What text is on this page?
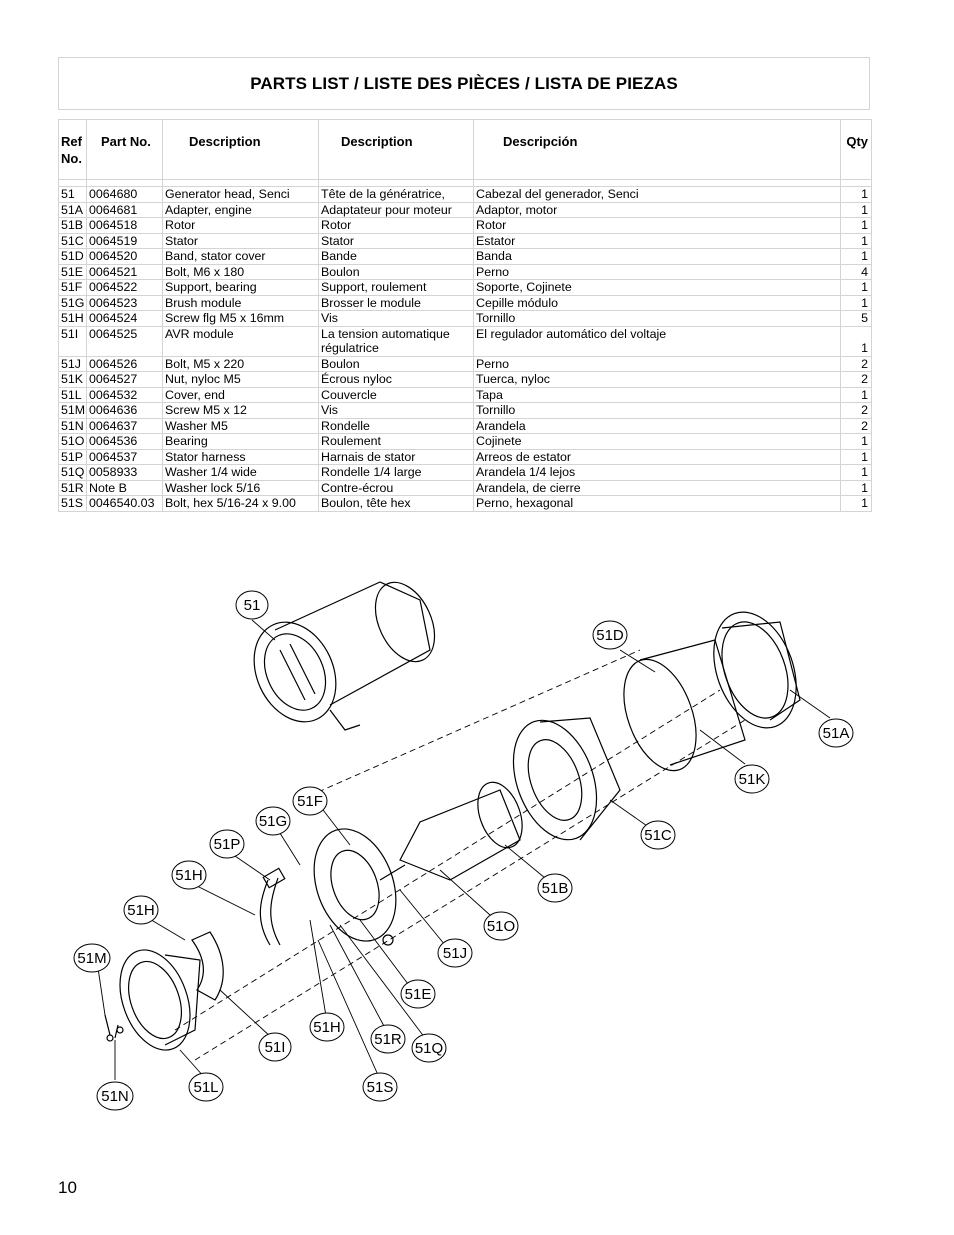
PARTS LIST / LISTE DES PIÈCES / LISTA DE PIEZAS
Ref No.	Part No.	Description	Description	Descripción	Qty

51	0064680	Generator head, Senci	Tête de la génératrice,	Cabezal del generador, Senci	1
51A	0064681	Adapter, engine	Adaptateur pour moteur	Adaptor, motor	1
51B	0064518	Rotor	Rotor	Rotor	1
51C	0064519	Stator	Stator	Estator	1
51D	0064520	Band, stator cover	Bande	Banda	1
51E	0064521	Bolt, M6 x 180	Boulon	Perno	4
51F	0064522	Support, bearing	Support, roulement	Soporte, Cojinete	1
51G	0064523	Brush module	Brosser le module	Cepille módulo	1
51H	0064524	Screw flg M5 x 16mm	Vis	Tornillo	5
51I	0064525	AVR module	La tension automatique régulatrice	El regulador automático del voltaje	1
51J	0064526	Bolt, M5 x 220	Boulon	Perno	2
51K	0064527	Nut, nyloc M5	Écrous nyloc	Tuerca, nyloc	2
51L	0064532	Cover, end	Couvercle	Tapa	1
51M	0064636	Screw M5 x 12	Vis	Tornillo	2
51N	0064637	Washer M5	Rondelle	Arandela	2
51O	0064536	Bearing	Roulement	Cojinete	1
51P	0064537	Stator harness	Harnais de stator	Arreos de estator	1
51Q	0058933	Washer 1/4 wide	Rondelle 1/4 large	Arandela 1/4 lejos	1
51R	Note B	Washer lock 5/16	Contre-écrou	Arandela, de cierre	1
51S	0046540.03	Bolt, hex 5/16-24 x 9.00	Boulon, tête hex	Perno, hexagonal	1
51
51D
51A
51K
51C
51B
51O
51J
51E
51F
51G
51P
51H
51H
51M
51N
51L
51I
51H
51R
51Q
51S
10
